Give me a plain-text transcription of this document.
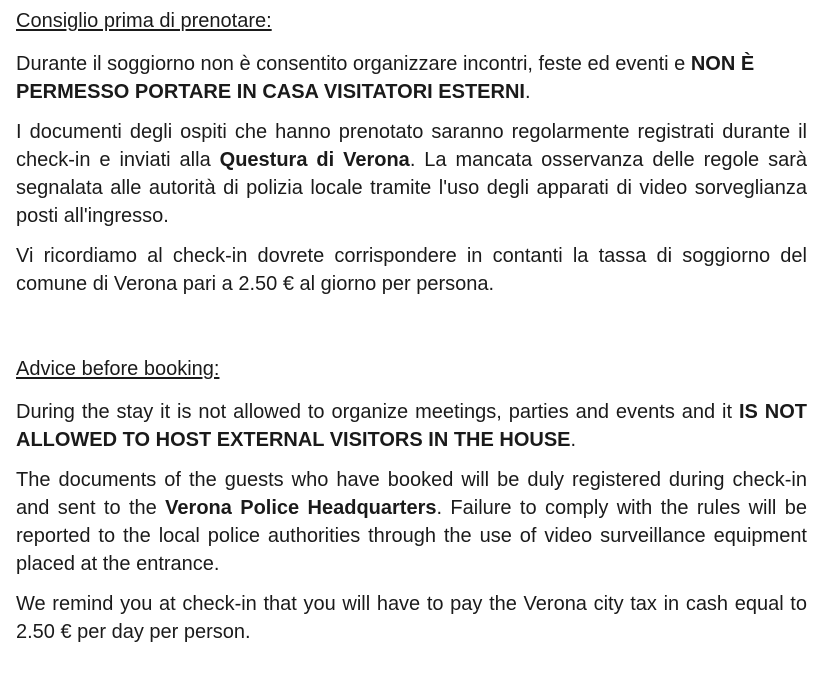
Consiglio prima di prenotare:
Durante il soggiorno non è consentito organizzare incontri, feste ed eventi e NON È PERMESSO PORTARE IN CASA VISITATORI ESTERNI.
I documenti degli ospiti che hanno prenotato saranno regolarmente registrati durante il check-in e inviati alla Questura di Verona. La mancata osservanza delle regole sarà segnalata alle autorità di polizia locale tramite l'uso degli apparati di video sorveglianza posti all'ingresso.
Vi ricordiamo al check-in dovrete corrispondere in contanti la tassa di soggiorno del comune di Verona pari a 2.50 € al giorno per persona.
Advice before booking:
During the stay it is not allowed to organize meetings, parties and events and it IS NOT ALLOWED TO HOST EXTERNAL VISITORS IN THE HOUSE.
The documents of the guests who have booked will be duly registered during check-in and sent to the Verona Police Headquarters. Failure to comply with the rules will be reported to the local police authorities through the use of video surveillance equipment placed at the entrance.
We remind you at check-in that you will have to pay the Verona city tax in cash equal to 2.50 € per day per person.
